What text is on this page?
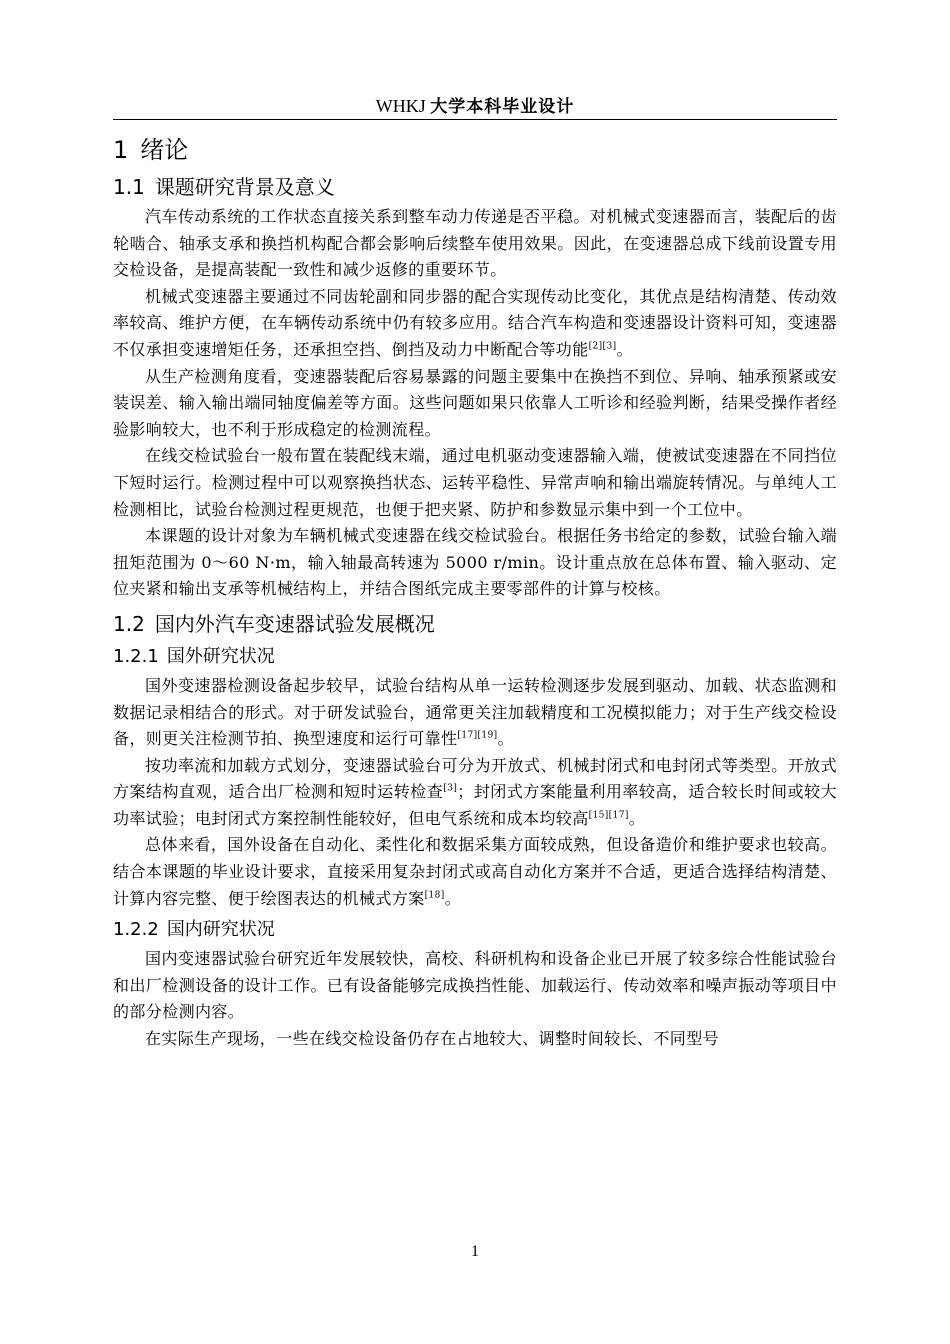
WHKJ 大学本科毕业设计
1 绪论
1.1 课题研究背景及意义

汽车传动系统的工作状态直接关系到整车动力传递是否平稳。对机械式变速器而言，装配后的齿轮啮合、轴承支承和换挡机构配合都会影响后续整车使用效果。因此，在变速器总成下线前设置专用交检设备，是提高装配一致性和减少返修的重要环节。

机械式变速器主要通过不同齿轮副和同步器的配合实现传动比变化，其优点是结构清楚、传动效率较高、维护方便，在车辆传动系统中仍有较多应用。结合汽车构造和变速器设计资料可知，变速器不仅承担变速增矩任务，还承担空挡、倒挡及动力中断配合等功能[2][3]。

从生产检测角度看，变速器装配后容易暴露的问题主要集中在换挡不到位、异响、轴承预紧或安装误差、输入输出端同轴度偏差等方面。这些问题如果只依靠人工听诊和经验判断，结果受操作者经验影响较大，也不利于形成稳定的检测流程。

在线交检试验台一般布置在装配线末端，通过电机驱动变速器输入端，使被试变速器在不同挡位下短时运行。检测过程中可以观察换挡状态、运转平稳性、异常声响和输出端旋转情况。与单纯人工检测相比，试验台检测过程更规范，也便于把夹紧、防护和参数显示集中到一个工位中。

本课题的设计对象为车辆机械式变速器在线交检试验台。根据任务书给定的参数，试验台输入端扭矩范围为 0～60 N·m，输入轴最高转速为 5000 r/min。设计重点放在总体布置、输入驱动、定位夹紧和输出支承等机械结构上，并结合图纸完成主要零部件的计算与校核。

1.2 国内外汽车变速器试验发展概况
1.2.1 国外研究状况

国外变速器检测设备起步较早，试验台结构从单一运转检测逐步发展到驱动、加载、状态监测和数据记录相结合的形式。对于研发试验台，通常更关注加载精度和工况模拟能力；对于生产线交检设备，则更关注检测节拍、换型速度和运行可靠性[17][19]。

按功率流和加载方式划分，变速器试验台可分为开放式、机械封闭式和电封闭式等类型。开放式方案结构直观，适合出厂检测和短时运转检查[3]；封闭式方案能量利用率较高，适合较长时间或较大功率试验；电封闭式方案控制性能较好，但电气系统和成本均较高[15][17]。

总体来看，国外设备在自动化、柔性化和数据采集方面较成熟，但设备造价和维护要求也较高。结合本课题的毕业设计要求，直接采用复杂封闭式或高自动化方案并不合适，更适合选择结构清楚、计算内容完整、便于绘图表达的机械式方案[18]。

1.2.2 国内研究状况

国内变速器试验台研究近年发展较快，高校、科研机构和设备企业已开展了较多综合性能试验台和出厂检测设备的设计工作。已有设备能够完成换挡性能、加载运行、传动效率和噪声振动等项目中的部分检测内容。

在实际生产现场，一些在线交检设备仍存在占地较大、调整时间较长、不同型号

1
